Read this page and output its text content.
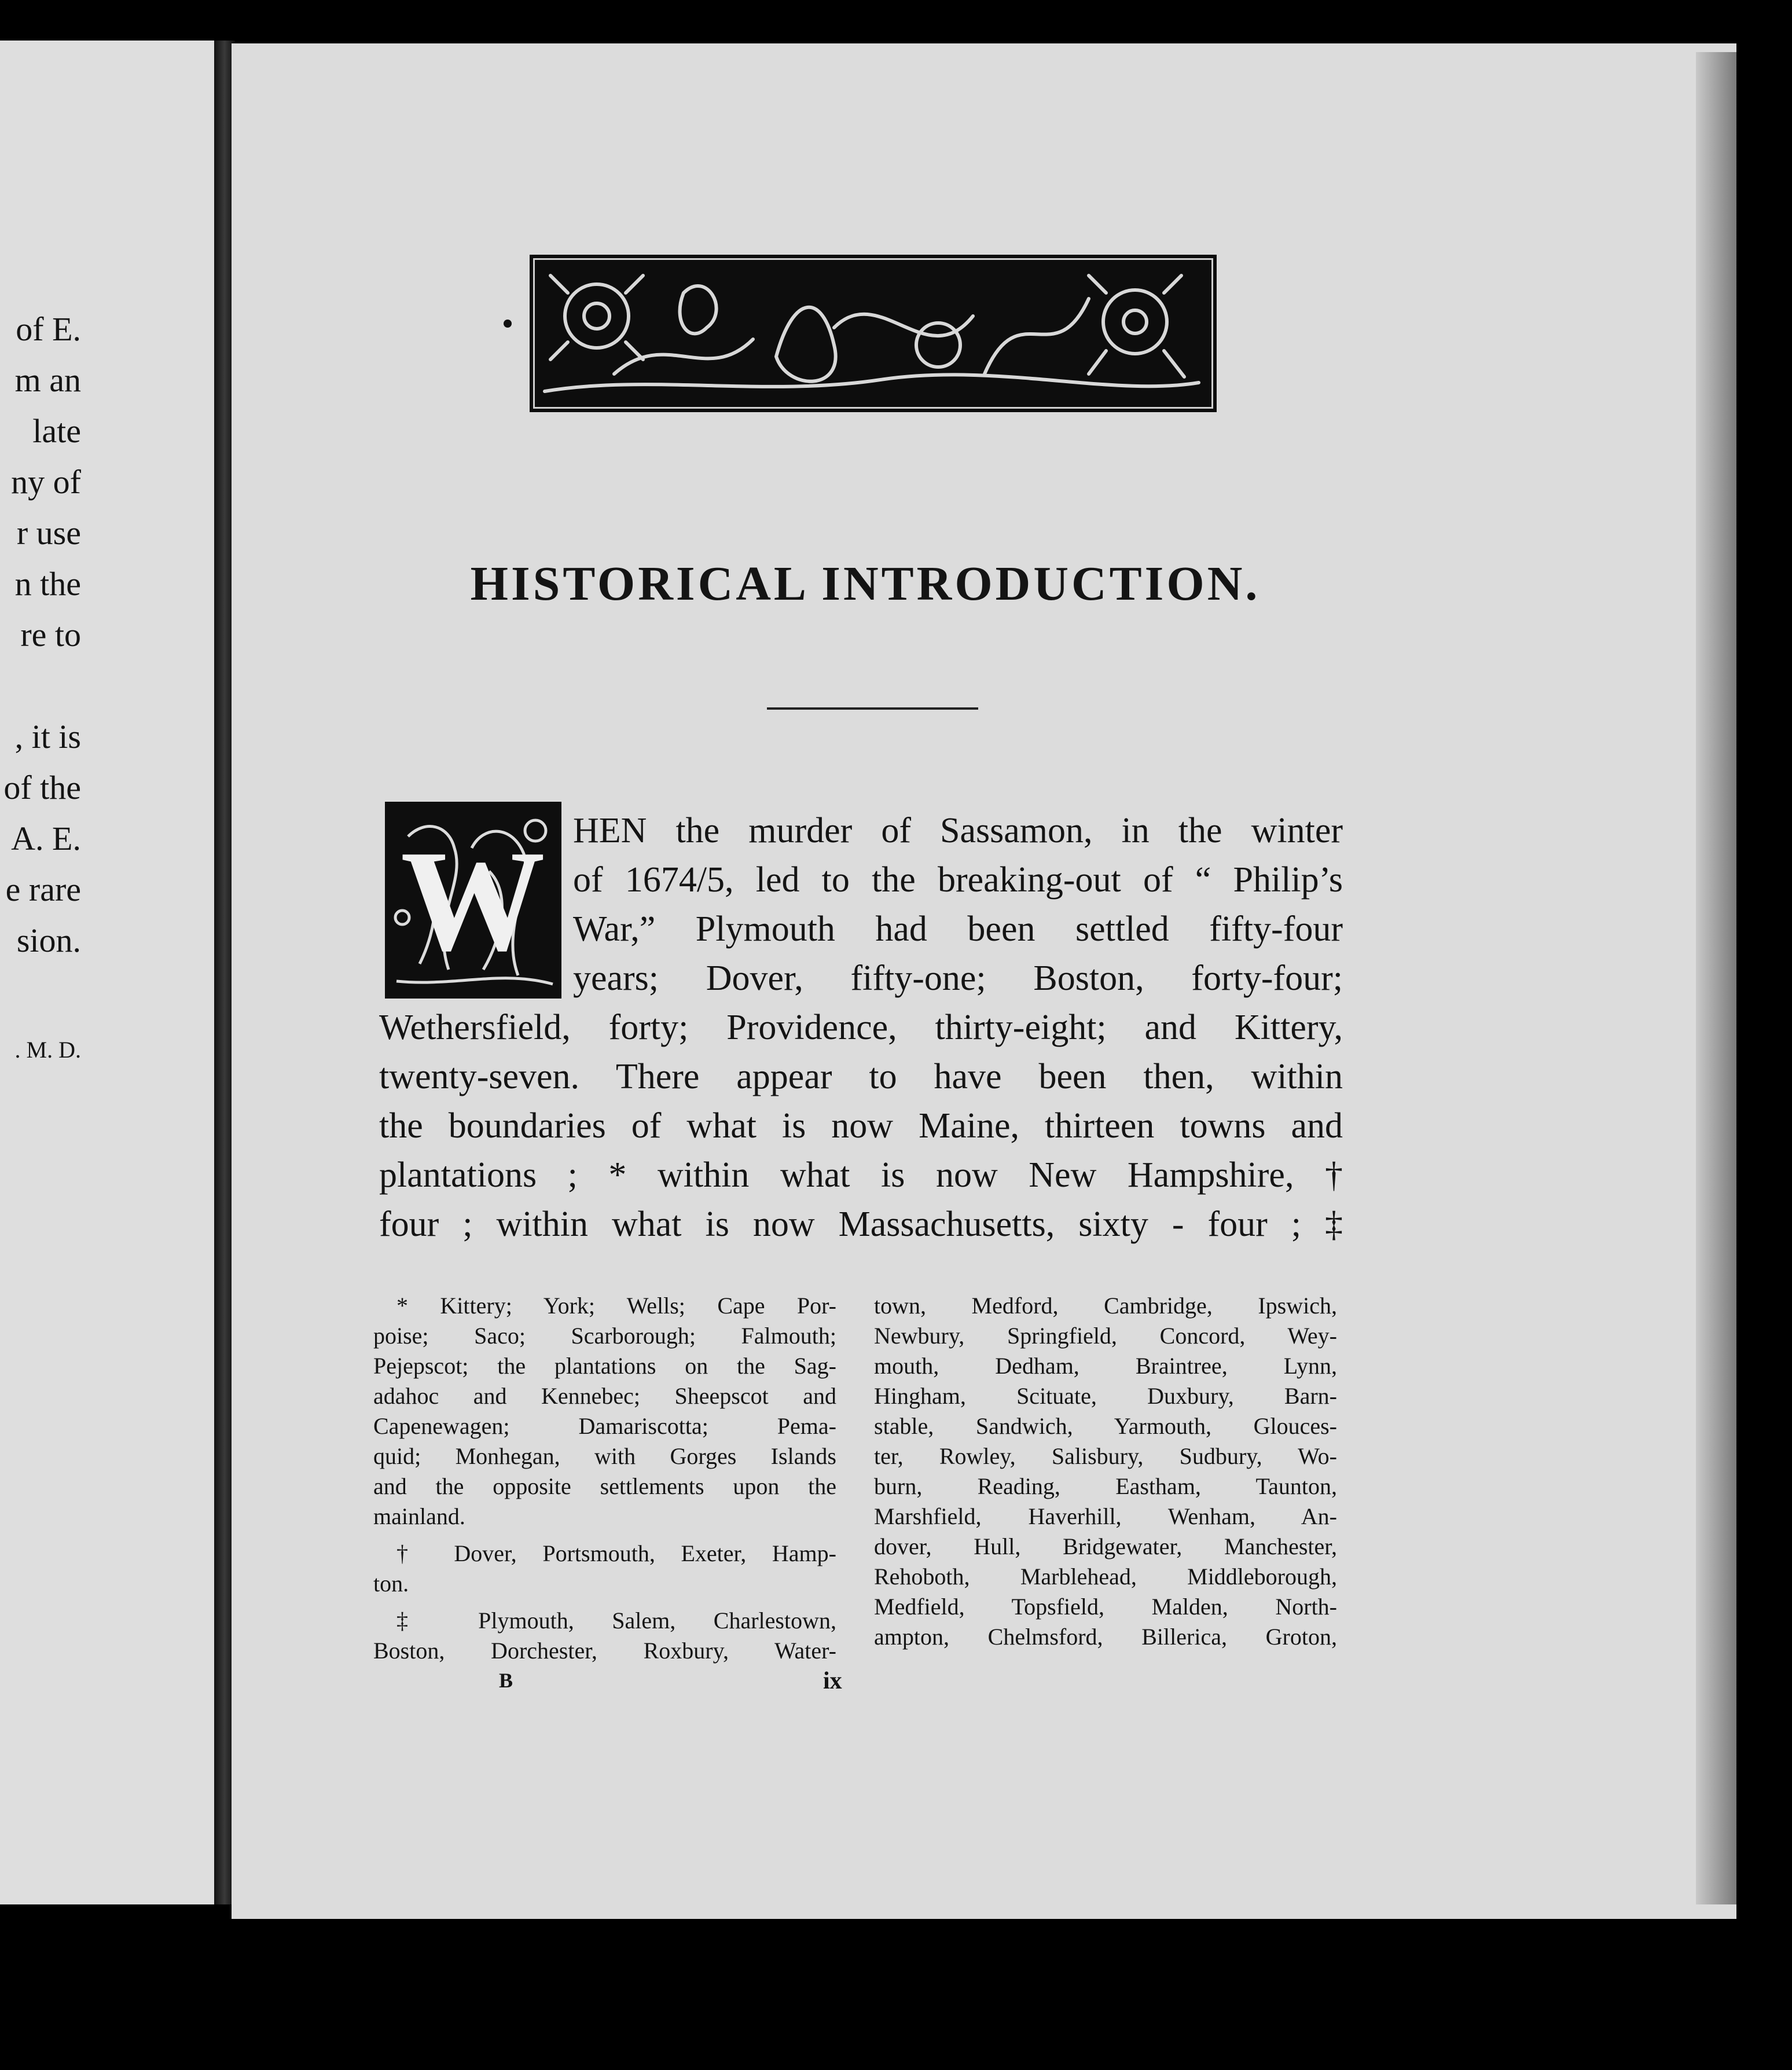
of E.
m an
late
ny of
r use
n the
re to
, it is
of the
A. E.
e rare
sion.
. M. D.
HISTORICAL INTRODUCTION.
W HEN the murder of Sassamon, in the winter
of 1674/5, led to the breaking-out of “ Philip’s
War,” Plymouth had been settled fifty-four
years; Dover, fifty-one; Boston, forty-four;
Wethersfield, forty; Providence, thirty-eight; and Kittery,
twenty-seven. There appear to have been then, within
the boundaries of what is now Maine, thirteen towns and
plantations ; * within what is now New Hampshire, †
four ; within what is now Massachusetts, sixty - four ; ‡
* Kittery; York; Wells; Cape Por-
poise; Saco; Scarborough; Falmouth;
Pejepscot; the plantations on the Sag-
adahoc and Kennebec; Sheepscot and
Capenewagen; Damariscotta; Pema-
quid; Monhegan, with Gorges Islands
and the opposite settlements upon the
mainland.
† Dover, Portsmouth, Exeter, Hamp-
ton.
‡ Plymouth, Salem, Charlestown,
Boston, Dorchester, Roxbury, Water-
town, Medford, Cambridge, Ipswich,
Newbury, Springfield, Concord, Wey-
mouth, Dedham, Braintree, Lynn,
Hingham, Scituate, Duxbury, Barn-
stable, Sandwich, Yarmouth, Glouces-
ter, Rowley, Salisbury, Sudbury, Wo-
burn, Reading, Eastham, Taunton,
Marshfield, Haverhill, Wenham, An-
dover, Hull, Bridgewater, Manchester,
Rehoboth, Marblehead, Middleborough,
Medfield, Topsfield, Malden, North-
ampton, Chelmsford, Billerica, Groton,
B	ix
